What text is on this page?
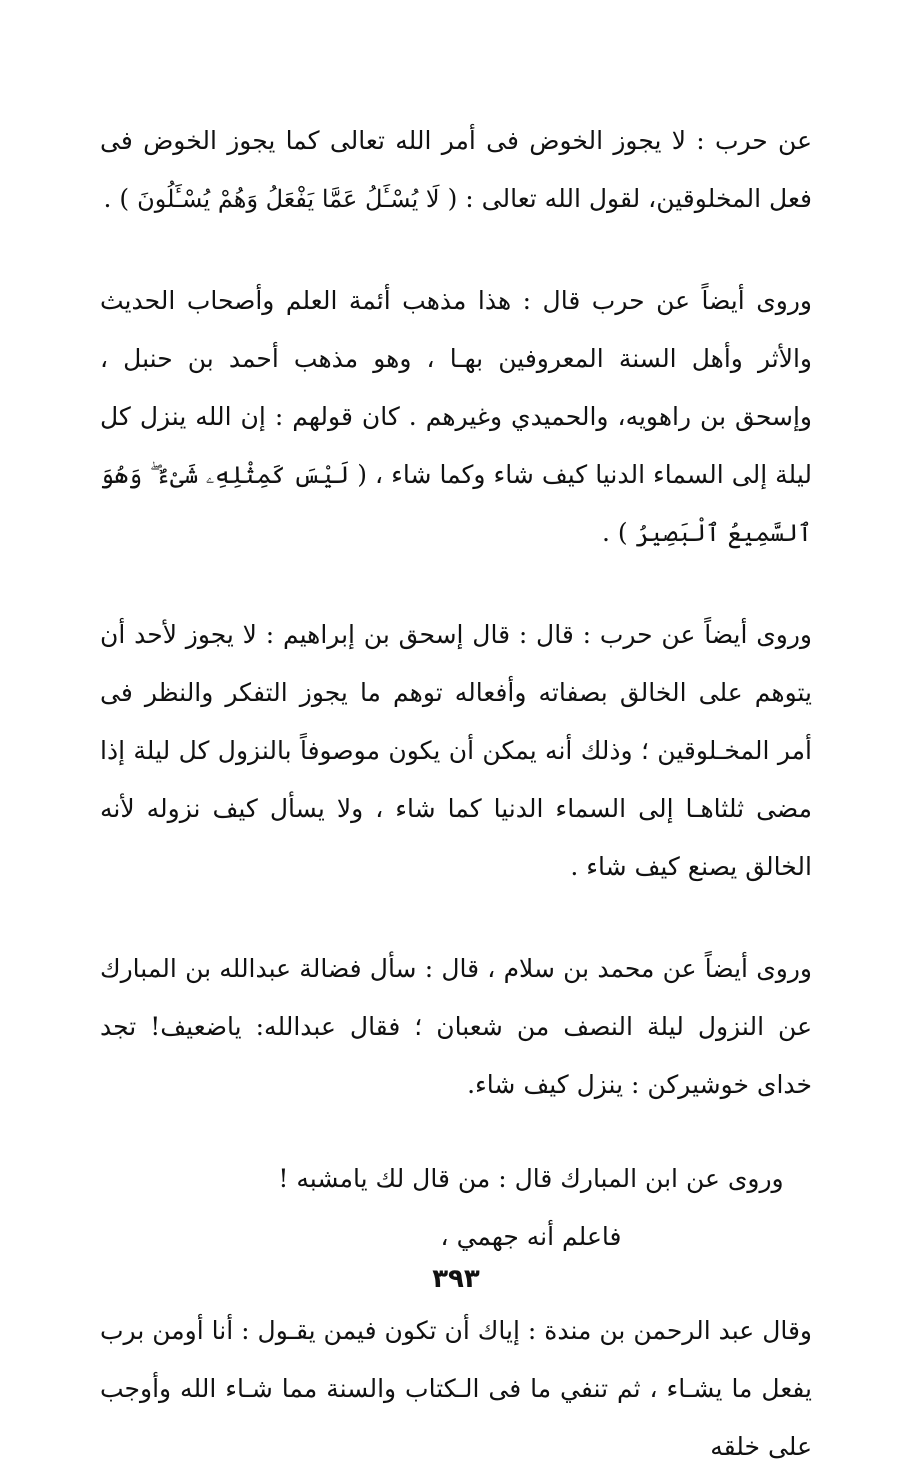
عن حرب : لا يجوز الخوض فى أمر الله تعالى كما يجوز الخوض فى فعل المخلوقين، لقول الله تعالى : ( لَا يُسْـَٔلُ عَمَّا يَفْعَلُ وَهُمْ يُسْـَٔلُونَ ) .

وروى أيضاً عن حرب قال : هذا مذهب أئمة العلم وأصحاب الحديث والأثر وأهل السنة المعروفين بهـا ، وهو مذهب أحمد بن حنبل ، وإسحق بن راهويه، والحميدي وغيرهم . كان قولهم : إن الله ينزل كل ليلة إلى السماء الدنيا كيف شاء وكما شاء ، ( لَيْسَ كَمِثْلِهِۦ شَىْءٌ ۖ وَهُوَ ٱلسَّمِيعُ ٱلْبَصِيرُ ) .

وروى أيضاً عن حرب : قال : قال إسحق بن إبراهيم : لا يجوز لأحد أن يتوهم على الخالق بصفاته وأفعاله توهم ما يجوز التفكر والنظر فى أمر المخـلوقين ؛ وذلك أنه يمكن أن يكون موصوفاً بالنزول كل ليلة إذا مضى ثلثاهـا إلى السماء الدنيا كما شاء ، ولا يسأل كيف نزوله لأنه الخالق يصنع كيف شاء .

وروى أيضاً عن محمد بن سلام ، قال : سأل فضالة عبدالله بن المبارك عن النزول ليلة النصف من شعبان ؛ فقال عبدالله: ياضعيف! تجد خداى خوشيركن : ينزل كيف شاء.

وروى عن ابن المبارك قال : من قال لك يامشبه ! فاعلم أنه جهمي ،

وقال عبد الرحمن بن مندة : إياك أن تكون فيمن يقـول : أنا أومن برب يفعل ما يشـاء ، ثم تنفي ما فى الـكتاب والسنة مما شـاء الله وأوجب على خلقه

٣٩٣
